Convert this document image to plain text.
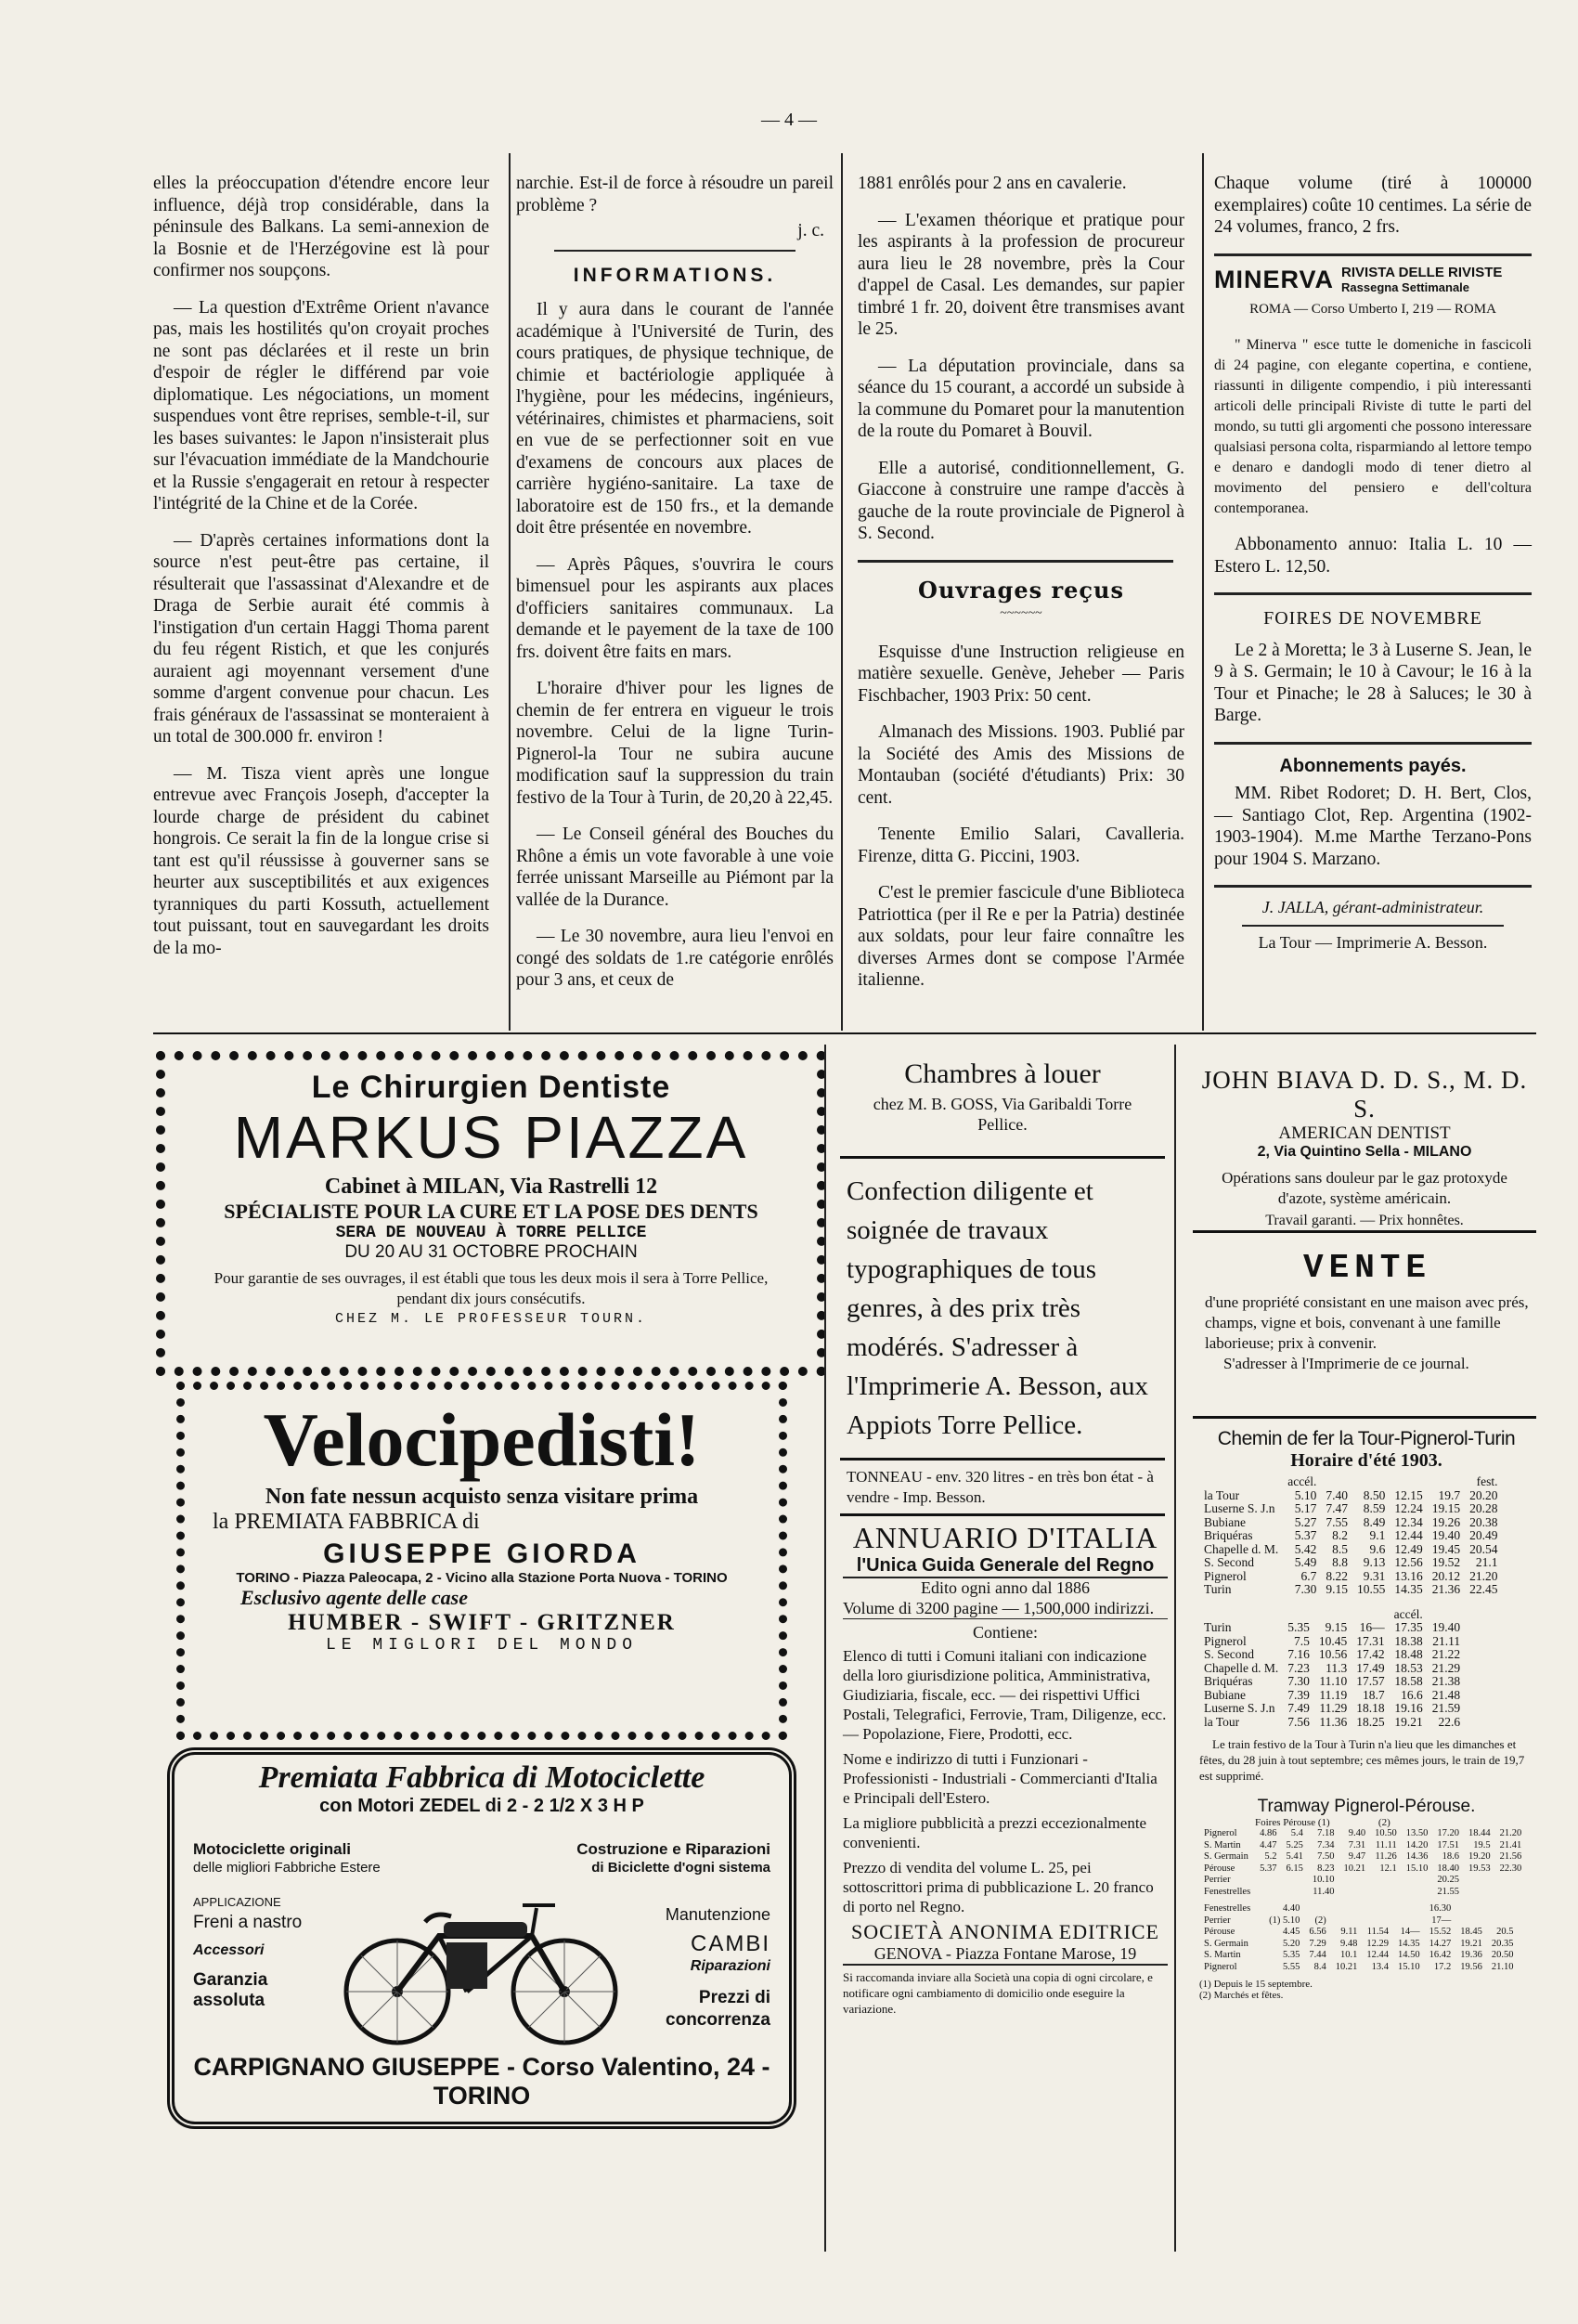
— 4 —

elles la préoccupation d'étendre encore leur influence, déjà trop considérable, dans la péninsule des Balkans. La semi-annexion de la Bosnie et de l'Herzégovine est là pour confirmer nos soupçons.

— La question d'Extrême Orient n'avance pas, mais les hostilités qu'on croyait proches ne sont pas déclarées et il reste un brin d'espoir de régler le différend par voie diplomatique. Les négociations, un moment suspendues vont être reprises, semble-t-il, sur les bases suivantes: le Japon n'insisterait plus sur l'évacuation immédiate de la Mandchourie et la Russie s'engagerait en retour à respecter l'intégrité de la Chine et de la Corée.

— D'après certaines informations dont la source n'est peut-être pas certaine, il résulterait que l'assassinat d'Alexandre et de Draga de Serbie aurait été commis à l'instigation d'un certain Haggi Thoma parent du feu régent Ristich, et que les conjurés auraient agi moyennant versement d'une somme d'argent convenue pour chacun. Les frais généraux de l'assassinat se monteraient à un total de 300.000 fr. environ !

— M. Tisza vient après une longue entrevue avec François Joseph, d'accepter la lourde charge de président du cabinet hongrois. Ce serait la fin de la longue crise si tant est qu'il réussisse à gouverner sans se heurter aux susceptibilités et aux exigences tyranniques du parti Kossuth, actuellement tout puissant, tout en sauvegardant les droits de la mo-

narchie. Est-il de force à résoudre un pareil problème ?

j. c.
INFORMATIONS.

Il y aura dans le courant de l'année académique à l'Université de Turin, des cours pratiques, de physique technique, de chimie et bactériologie appliquée à l'hygiène, pour les médecins, ingénieurs, vétérinaires, chimistes et pharmaciens, soit en vue de se perfectionner soit en vue d'examens de concours aux places de carrière hygiéno-sanitaire. La taxe de laboratoire est de 150 frs., et la demande doit être présentée en novembre.

— Après Pâques, s'ouvrira le cours bimensuel pour les aspirants aux places d'officiers sanitaires communaux. La demande et le payement de la taxe de 100 frs. doivent être faits en mars.

L'horaire d'hiver pour les lignes de chemin de fer entrera en vigueur le trois novembre. Celui de la ligne Turin-Pignerol-la Tour ne subira aucune modification sauf la suppression du train festivo de la Tour à Turin, de 20,20 à 22,45.

— Le Conseil général des Bouches du Rhône a émis un vote favorable à une voie ferrée unissant Marseille au Piémont par la vallée de la Durance.

— Le 30 novembre, aura lieu l'envoi en congé des soldats de 1.re catégorie enrôlés pour 3 ans, et ceux de

1881 enrôlés pour 2 ans en cavalerie.

— L'examen théorique et pratique pour les aspirants à la profession de procureur aura lieu le 28 novembre, près la Cour d'appel de Casal. Les demandes, sur papier timbré 1 fr. 20, doivent être transmises avant le 25.

— La députation provinciale, dans sa séance du 15 courant, a accordé un subside à la commune du Pomaret pour la manutention de la route du Pomaret à Bouvil.

Elle a autorisé, conditionnellement, G. Giaccone à construire une rampe d'accès à gauche de la route provinciale de Pignerol à S. Second.

Ouvrages reçus
~~~~~~

Esquisse d'une Instruction religieuse en matière sexuelle. Genève, Jeheber — Paris Fischbacher, 1903 Prix: 50 cent.

Almanach des Missions. 1903. Publié par la Société des Amis des Missions de Montauban (société d'étudiants) Prix: 30 cent.

Tenente Emilio Salari, Cavalleria. Firenze, ditta G. Piccini, 1903.

C'est le premier fascicule d'une Biblioteca Patriottica (per il Re e per la Patria) destinée aux soldats, pour leur faire connaître les diverses Armes dont se compose l'Armée italienne.

Chaque volume (tiré à 100000 exemplaires) coûte 10 centimes. La série de 24 volumes, franco, 2 frs.

MINERVA RIVISTA DELLE RIVISTE
Rassegna Settimanale
ROMA — Corso Umberto I, 219 — ROMA

" Minerva " esce tutte le domeniche in fascicoli di 24 pagine, con elegante copertina, e contiene, riassunti in diligente compendio, i più interessanti articoli delle principali Riviste di tutte le parti del mondo, su tutti gli argomenti che possono interessare qualsiasi persona colta, risparmiando al lettore tempo e denaro e dandogli modo di tener dietro al movimento del pensiero e dell'coltura contemporanea.

Abbonamento annuo: Italia L. 10 — Estero L. 12,50.

FOIRES DE NOVEMBRE

Le 2 à Moretta; le 3 à Luserne S. Jean, le 9 à S. Germain; le 10 à Cavour; le 16 à la Tour et Pinache; le 28 à Saluces; le 30 à Barge.

Abonnements payés.

MM. Ribet Rodoret; D. H. Bert, Clos, — Santiago Clot, Rep. Argentina (1902-1903-1904). M.me Marthe Terzano-Pons pour 1904 S. Marzano.

J. JALLA, gérant-administrateur.
La Tour — Imprimerie A. Besson.
Le Chirurgien Dentiste
MARKUS PIAZZA
Cabinet à MILAN, Via Rastrelli 12
SPÉCIALISTE POUR LA CURE ET LA POSE DES DENTS
SERA DE NOUVEAU À TORRE PELLICE
DU 20 AU 31 OCTOBRE PROCHAIN
Pour garantie de ses ouvrages, il est établi que tous les deux mois il sera à Torre Pellice, pendant dix jours consécutifs.
CHEZ M. LE PROFESSEUR TOURN.
Velocipedisti!
Non fate nessun acquisto senza visitare prima
la PREMIATA FABBRICA di
GIUSEPPE GIORDA
TORINO - Piazza Paleocapa, 2 - Vicino alla Stazione Porta Nuova - TORINO
Esclusivo agente delle case
HUMBER - SWIFT - GRITZNER
LE MIGLORI DEL MONDO
Premiata Fabbrica di Motociclette
con Motori ZEDEL di 2 - 2 1/2 X 3 H P
Motociclette originali
delle migliori Fabbriche Estere
Costruzione e Riparazioni
di Biciclette d'ogni sistema
APPLICAZIONE
Freni a nastro
Accessori
Garanzia assoluta
Manutenzione
CAMBI
Riparazioni
Prezzi di concorrenza
CARPIGNANO GIUSEPPE - Corso Valentino, 24 - TORINO
Chambres à louer
chez M. B. GOSS, Via Garibaldi Torre Pellice.
Confection diligente et soignée de travaux typographiques de tous genres, à des prix très modérés. S'adresser à l'Imprimerie A. Besson, aux Appiots Torre Pellice.
TONNEAU - env. 320 litres - en très bon état - à vendre - Imp. Besson.
ANNUARIO D'ITALIA
l'Unica Guida Generale del Regno
Edito ogni anno dal 1886
Volume di 3200 pagine — 1,500,000 indirizzi.
Contiene:
Elenco di tutti i Comuni italiani con indicazione della loro giurisdizione politica, Amministrativa, Giudiziaria, fiscale, ecc. — dei rispettivi Uffici Postali, Telegrafici, Ferrovie, Tram, Diligenze, ecc. — Popolazione, Fiere, Prodotti, ecc.
Nome e indirizzo di tutti i Funzionari - Professionisti - Industriali - Commercianti d'Italia e Principali dell'Estero.
La migliore pubblicità a prezzi eccezionalmente convenienti.
Prezzo di vendita del volume L. 25, pei sottoscrittori prima di pubblicazione L. 20 franco di porto nel Regno.
SOCIETÀ ANONIMA EDITRICE
GENOVA - Piazza Fontane Marose, 19
Si raccomanda inviare alla Società una copia di ogni circolare, e notificare ogni cambiamento di domicilio onde eseguire la variazione.
JOHN BIAVA D. D. S., M. D. S.
AMERICAN DENTIST
2, Via Quintino Sella - MILANO
Opérations sans douleur par le gaz protoxyde d'azote, système américain.
Travail garanti. — Prix honnêtes.
VENTE
d'une propriété consistant en une maison avec prés, champs, vigne et bois, convenant à une famille laborieuse; prix à convenir.
S'adresser à l'Imprimerie de ce journal.
Chemin de fer la Tour-Pignerol-Turin
Horaire d'été 1903.
	accél.					fest.
la Tour	5.10	7.40	8.50	12.15	19.7	20.20
Luserne S. J.n	5.17	7.47	8.59	12.24	19.15	20.28
Bubiane	5.27	7.55	8.49	12.34	19.26	20.38
Briquéras	5.37	8.2	9.1	12.44	19.40	20.49
Chapelle d. M.	5.42	8.5	9.6	12.49	19.45	20.54
S. Second	5.49	8.8	9.13	12.56	19.52	21.1
Pignerol	6.7	8.22	9.31	13.16	20.12	21.20
Turin	7.30	9.15	10.55	14.35	21.36	22.45
				accél.	
Turin	5.35	9.15	16—	17.35	19.40
Pignerol	7.5	10.45	17.31	18.38	21.11
S. Second	7.16	10.56	17.42	18.48	21.22
Chapelle d. M.	7.23	11.3	17.49	18.53	21.29
Briquéras	7.30	11.10	17.57	18.58	21.38
Bubiane	7.39	11.19	18.7	16.6	21.48
Luserne S. J.n	7.49	11.29	18.18	19.16	21.59
la Tour	7.56	11.36	18.25	19.21	22.6
Le train festivo de la Tour à Turin n'a lieu que les dimanches et fêtes, du 28 juin à tout septembre; ces mêmes jours, le train de 19,7 est supprimé.
Tramway Pignerol-Pérouse.
Foires Pérouse (1)                   (2)
Pignerol	4.86	5.4	7.18	9.40	10.50	13.50	17.20	18.44	21.20
S. Martin	4.47	5.25	7.34	7.31	11.11	14.20	17.51	19.5	21.41
S. Germain	5.2	5.41	7.50	9.47	11.26	14.36	18.6	19.20	21.56
Pérouse	5.37	6.15	8.23	10.21	12.1	15.10	18.40	19.53	22.30
Perrier			10.10				20.25		
Fenestrelles			11.40				21.55		
Fenestrelles		4.40					16.30		
Perrier		(1) 5.10	(2)				17—		
Pérouse		4.45	6.56	9.11	11.54	14—	15.52	18.45	20.5
S. Germain		5.20	7.29	9.48	12.29	14.35	14.27	19.21	20.35
S. Martin		5.35	7.44	10.1	12.44	14.50	16.42	19.36	20.50
Pignerol		5.55	8.4	10.21	13.4	15.10	17.2	19.56	21.10
(1) Depuis le 15 septembre.
(2) Marchés et fêtes.
